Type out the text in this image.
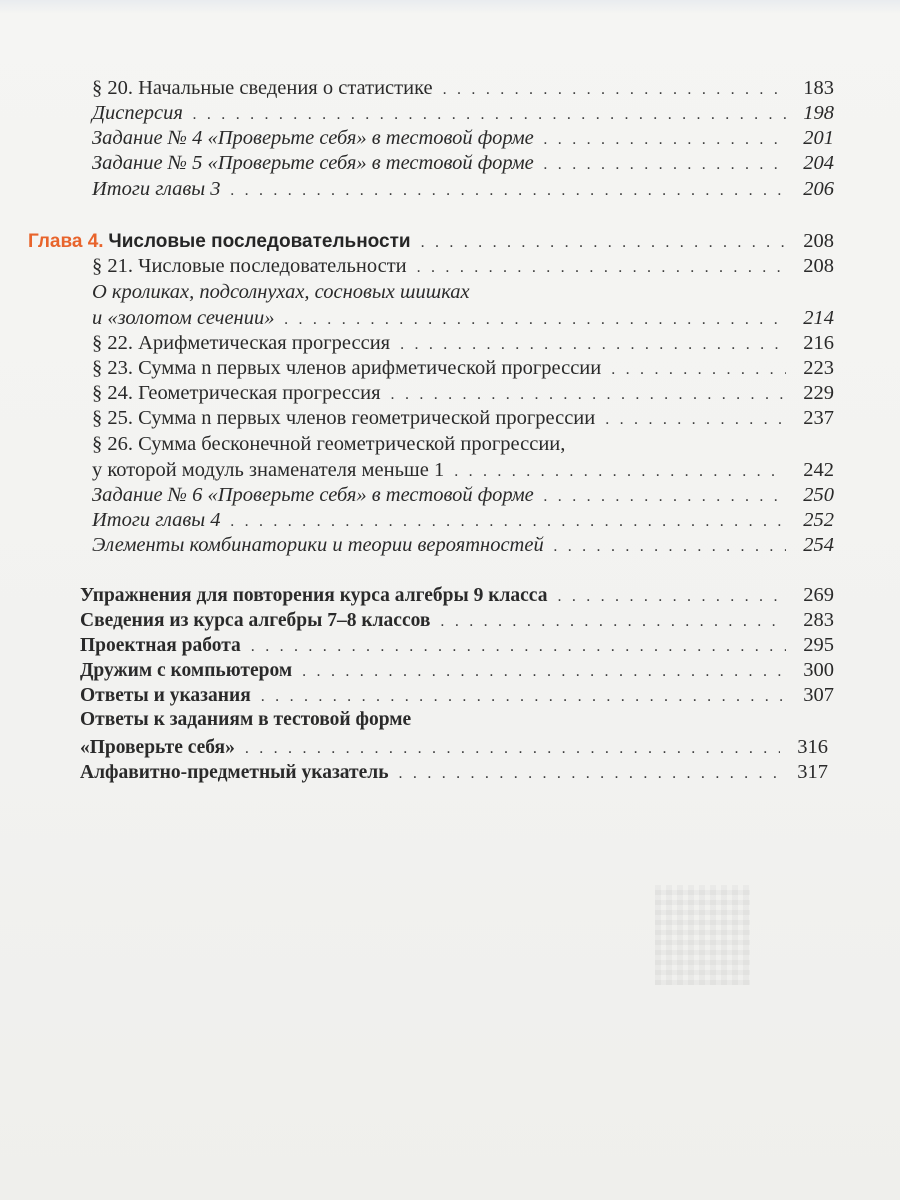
§ 20. Начальные сведения о статистике . . .	183
Дисперсия . . .	198
Задание № 4 «Проверьте себя» в тестовой форме . . .	201
Задание № 5 «Проверьте себя» в тестовой форме . . .	204
Итоги главы 3 . . .	206
Глава 4. Числовые последовательности . . .	208
§ 21. Числовые последовательности . . .	208
О кроликах, подсолнухах, сосновых шишках
и «золотом сечении» . . .	214
§ 22. Арифметическая прогрессия . . .	216
§ 23. Сумма n первых членов арифметической прогрессии . . .	223
§ 24. Геометрическая прогрессия . . .	229
§ 25. Сумма n первых членов геометрической прогрессии . . .	237
§ 26. Сумма бесконечной геометрической прогрессии,
у которой модуль знаменателя меньше 1 . . .	242
Задание № 6 «Проверьте себя» в тестовой форме . . .	250
Итоги главы 4 . . .	252
Элементы комбинаторики и теории вероятностей . . .	254
Упражнения для повторения курса алгебры 9 класса . . .	269
Сведения из курса алгебры 7–8 классов . . .	283
Проектная работа . . .	295
Дружим с компьютером . . .	300
Ответы и указания . . .	307
Ответы к заданиям в тестовой форме
«Проверьте себя» . . .	316
Алфавитно-предметный указатель . . .	317
